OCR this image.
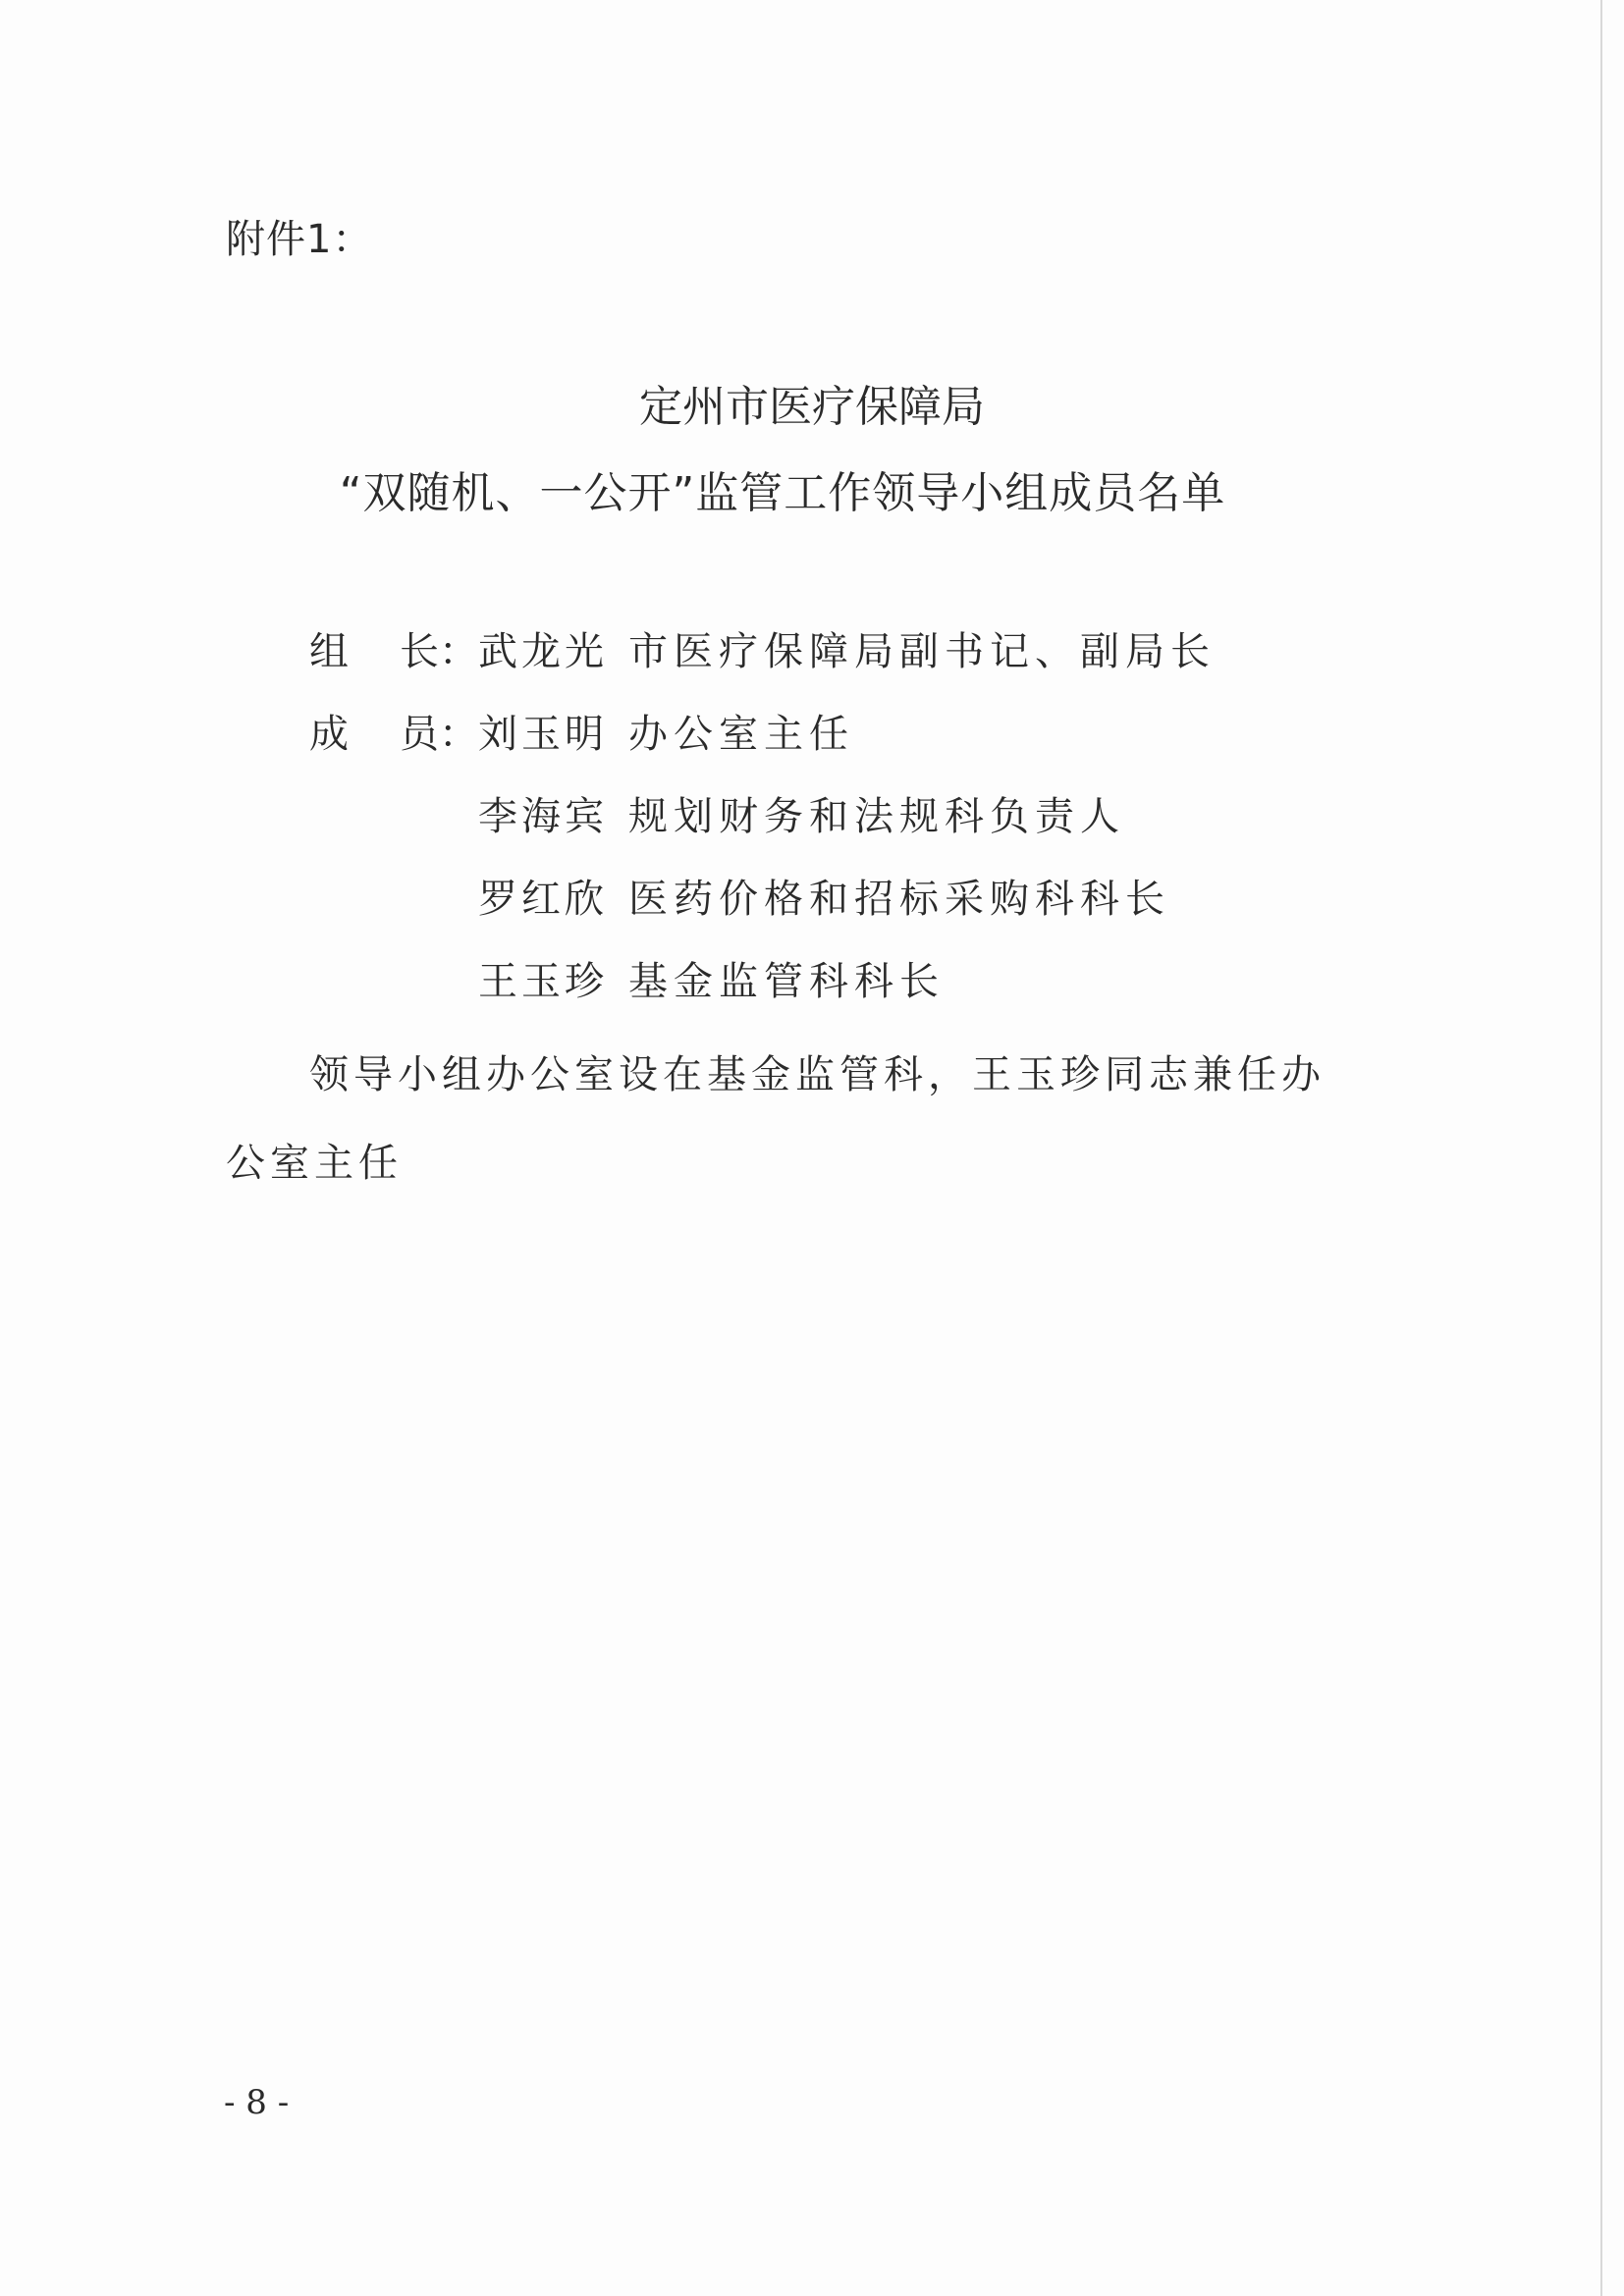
附件1：
定州市医疗保障局
“双随机、一公开”监管工作领导小组成员名单
组 长： 武龙光 市医疗保障局副书记、副局长
成 员： 刘玉明 办公室主任
李海宾 规划财务和法规科负责人
罗红欣 医药价格和招标采购科科长
王玉珍 基金监管科科长
领导小组办公室设在基金监管科，王玉珍同志兼任办公室主任
- 8 -
